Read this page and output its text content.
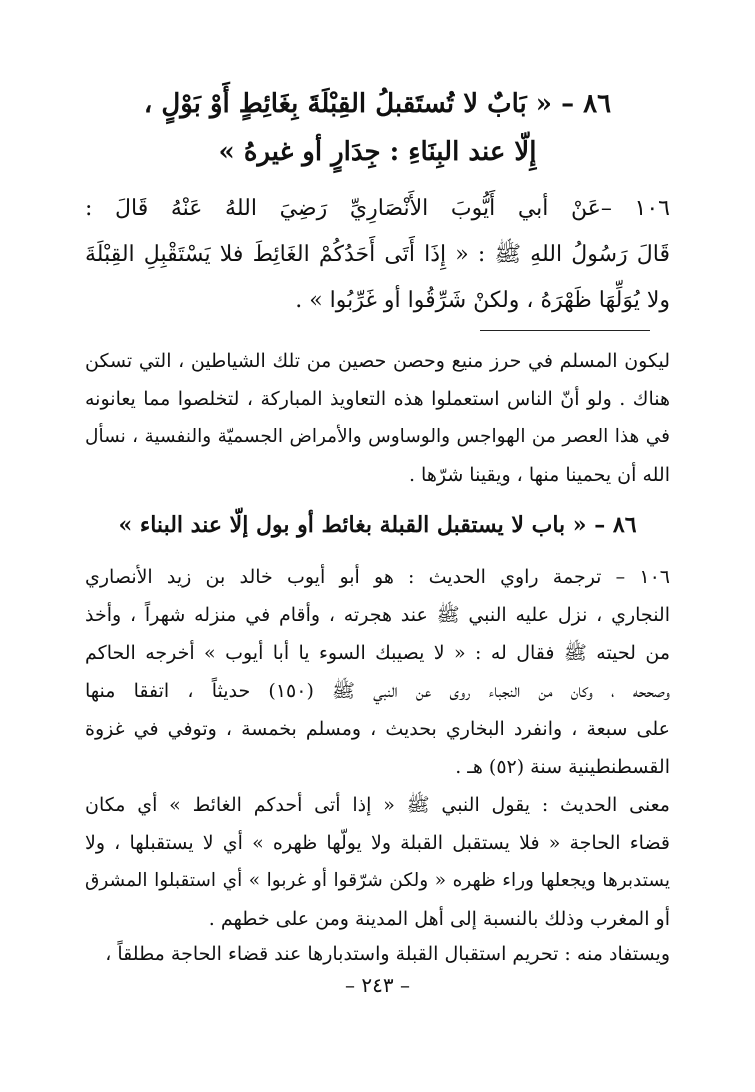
٨٦ – « بَابٌ لا تُستَقبلُ القِبْلَةَ بِغَائِطٍ أَوْ بَوْلٍ ،
إِلّا عند البِنَاءِ : جِدَارٍ أو غيرهُ »
١٠٦ –عَنْ أبي أَيُّوبَ الأَنْصَارِيِّ رَضِيَ اللهُ عَنْهُ قَالَ :
قَالَ رَسُولُ اللهِ ﷺ : « إِذَا أَتَى أَحَدُكُمْ الغَائِطَ فلا يَسْتَقْبِلِ القِبْلَةَ
ولا يُوَلِّهَا ظَهْرَهُ ، ولكنْ شَرِّقُوا أو غَرِّبُوا » .
ليكون المسلم في حرز منيع وحصن حصين من تلك الشياطين ، التي تسكن
هناك . ولو أنّ الناس استعملوا هذه التعاويذ المباركة ، لتخلصوا مما يعانونه
في هذا العصر من الهواجس والوساوس والأمراض الجسميّة والنفسية ، نسأل
الله أن يحمينا منها ، ويقينا شرّها .
٨٦ – « باب لا يستقبل القبلة بغائط أو بول إلّا عند البناء »
١٠٦ – ترجمة راوي الحديث : هو أبو أيوب خالد بن زيد الأنصاري
النجاري ، نزل عليه النبي ﷺ عند هجرته ، وأقام في منزله شهراً ، وأخذ
من لحيته ﷺ فقال له : « لا يصيبك السوء يا أبا أيوب » أخرجه الحاكم
وصححه ، وكان من النجباء روى عن النبي ﷺ (١٥٠) حديثاً ، اتفقا منها
على سبعة ، وانفرد البخاري بحديث ، ومسلم بخمسة ، وتوفي في غزوة
القسطنطينية سنة (٥٢) هـ .
معنى الحديث : يقول النبي ﷺ « إذا أتى أحدكم الغائط » أي مكان
قضاء الحاجة « فلا يستقبل القبلة ولا يولّها ظهره » أي لا يستقبلها ، ولا
يستدبرها ويجعلها وراء ظهره « ولكن شرّقوا أو غربوا » أي استقبلوا المشرق
أو المغرب وذلك بالنسبة إلى أهل المدينة ومن على خطهم .
ويستفاد منه : تحريم استقبال القبلة واستدبارها عند قضاء الحاجة مطلقاً ،
– ٢٤٣ –
